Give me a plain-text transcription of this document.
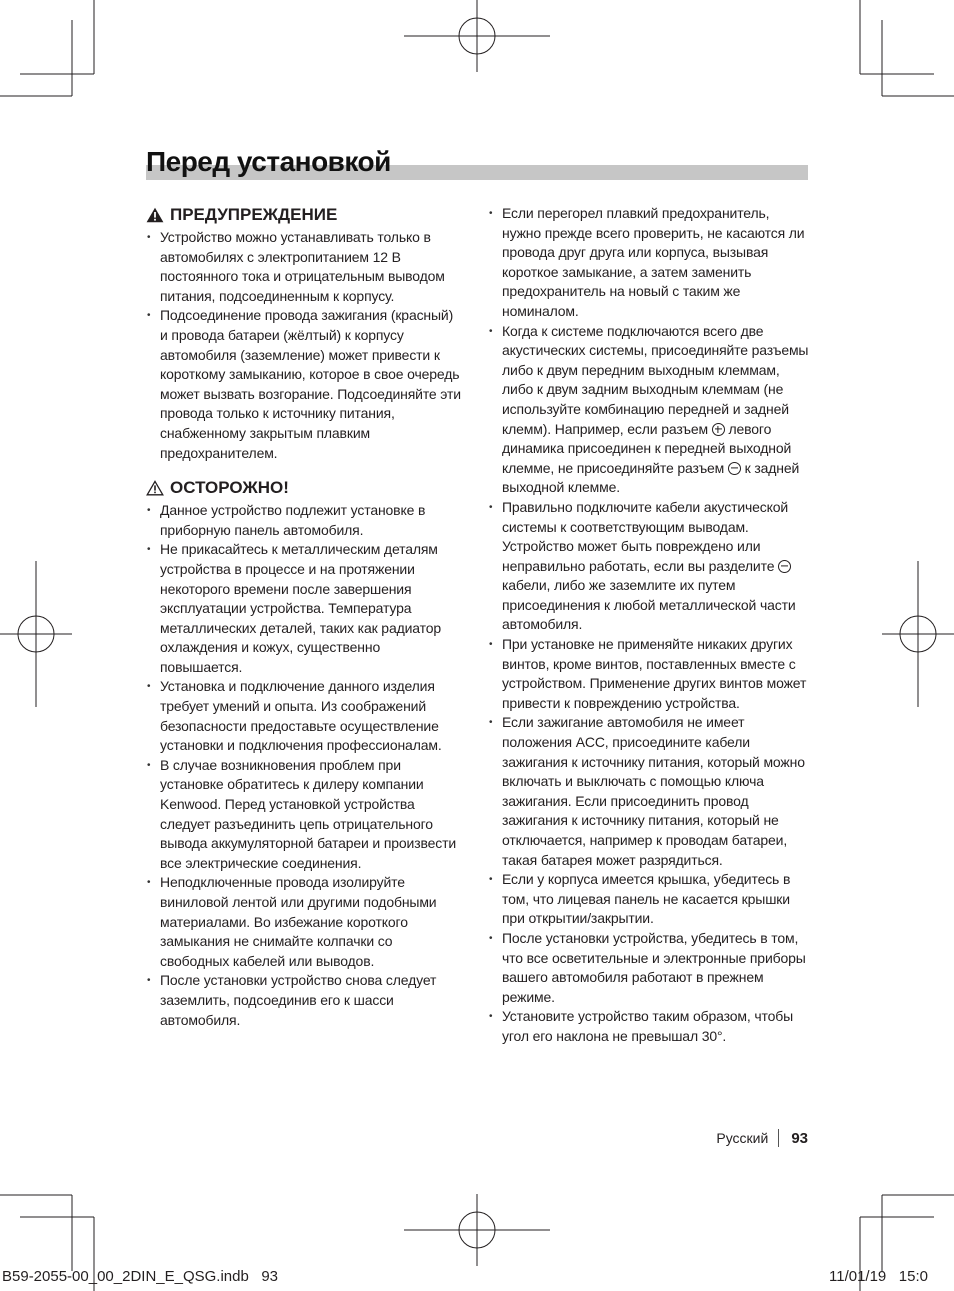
Перед установкой
ПРЕДУПРЕЖДЕНИЕ
• Устройство можно устанавливать только в автомобилях с электропитанием 12 В постоянного тока и отрицательным выводом питания, подсоединенным к корпусу.
• Подсоединение провода зажигания (красный) и провода батареи (жёлтый) к корпусу автомобиля (заземление) может привести к короткому замыканию, которое в свое очередь может вызвать возгорание. Подсоединяйте эти провода только к источнику питания, снабженному закрытым плавким предохранителем.
ОСТОРОЖНО!
• Данное устройство подлежит установке в приборную панель автомобиля.
• Не прикасайтесь к металлическим деталям устройства в процессе и на протяжении некоторого времени после завершения эксплуатации устройства. Температура металлических деталей, таких как радиатор охлаждения и кожух, существенно повышается.
• Установка и подключение данного изделия требует умений и опыта. Из соображений безопасности предоставьте осуществление установки и подключения профессионалам.
• В случае возникновения проблем при установке обратитесь к дилеру компании Kenwood. Перед установкой устройства следует разъединить цепь отрицательного вывода аккумуляторной батареи и произвести все электрические соединения.
• Неподключенные провода изолируйте виниловой лентой или другими подобными материалами. Во избежание короткого замыкания не снимайте колпачки со свободных кабелей или выводов.
• После установки устройство снова следует заземлить, подсоединив его к шасси автомобиля.
• Если перегорел плавкий предохранитель, нужно прежде всего проверить, не касаются ли провода друг друга или корпуса, вызывая короткое замыкание, а затем заменить предохранитель на новый с таким же номиналом.
• Когда к системе подключаются всего две акустических системы, присоединяйте разъемы либо к двум передним выходным клеммам, либо к двум задним выходным клеммам (не используйте комбинацию передней и задней клемм). Например, если разъем левого динамика присоединен к передней выходной клемме, не присоединяйте разъем к задней выходной клемме.
• Правильно подключите кабели акустической системы к соответствующим выводам. Устройство может быть повреждено или неправильно работать, если вы разделите  кабели, либо же заземлите их путем присоединения к любой металлической части автомобиля.
• При установке не применяйте никаких других винтов, кроме винтов, поставленных вместе с устройством. Применение других винтов может привести к повреждению устройства.
• Если зажигание автомобиля не имеет положения ACC, присоедините кабели зажигания к источнику питания, который можно включать и выключать с помощью ключа зажигания. Если присоединить провод зажигания к источнику питания, который не отключается, например к проводам батареи, такая батарея может разрядиться.
• Если у корпуса имеется крышка, убедитесь в том, что лицевая панель не касается крышки при открытии/закрытии.
• После установки устройства, убедитесь в том, что все осветительные и электронные приборы вашего автомобиля работают в прежнем режиме.
• Установите устройство таким образом, чтобы угол его наклона не превышал 30°.
Русский	93
B59-2055-00_00_2DIN_E_QSG.indb   93	11/01/19   15:0
